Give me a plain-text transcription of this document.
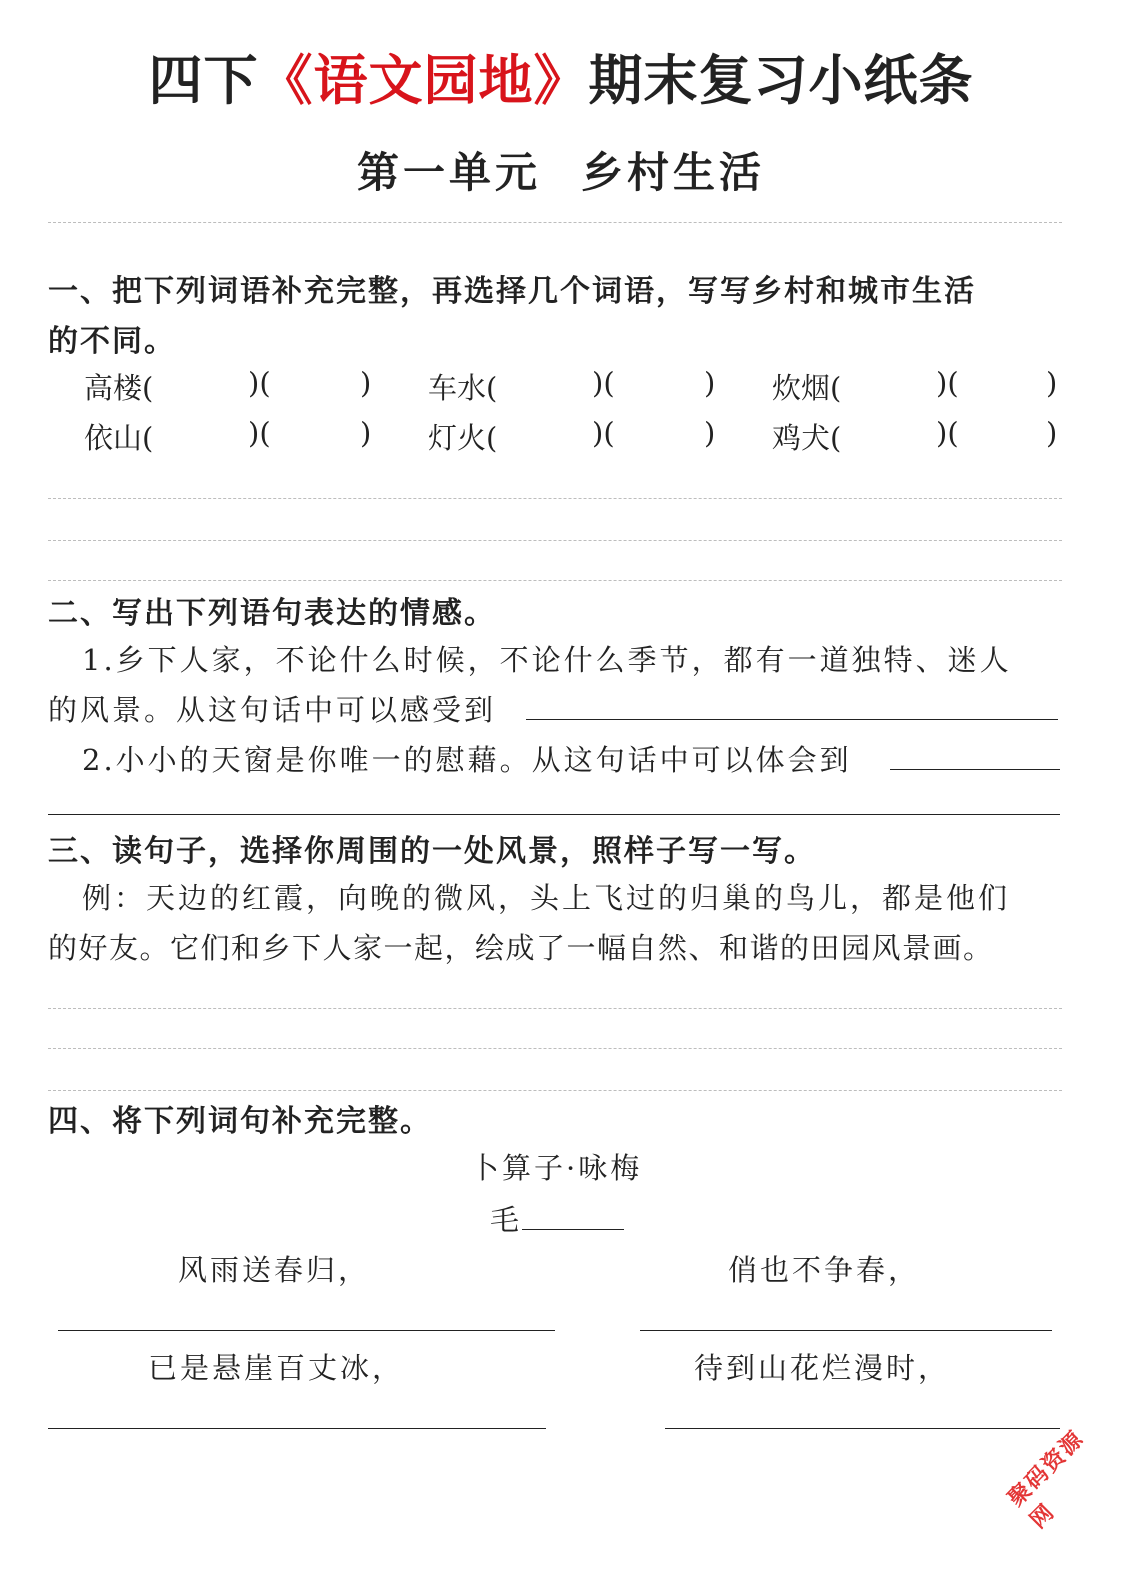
四下《语文园地》期末复习小纸条
第一单元 乡村生活
一、把下列词语补充完整，再选择几个词语，写写乡村和城市生活
的不同。
高楼(	)(	) 车水(	)(	) 炊烟(	)(	)
依山(	)(	) 灯火(	)(	) 鸡犬(	)(	)
二、写出下列语句表达的情感。
1.乡下人家，不论什么时候，不论什么季节，都有一道独特、迷人
的风景。从这句话中可以感受到
2.小小的天窗是你唯一的慰藉。从这句话中可以体会到
三、读句子，选择你周围的一处风景，照样子写一写。
例：天边的红霞，向晚的微风，头上飞过的归巢的鸟儿，都是他们
的好友。它们和乡下人家一起，绘成了一幅自然、和谐的田园风景画。
四、将下列词句补充完整。
卜算子·咏梅
毛
风雨送春归，	俏也不争春，
已是悬崖百丈冰，	待到山花烂漫时，
聚码资源网
